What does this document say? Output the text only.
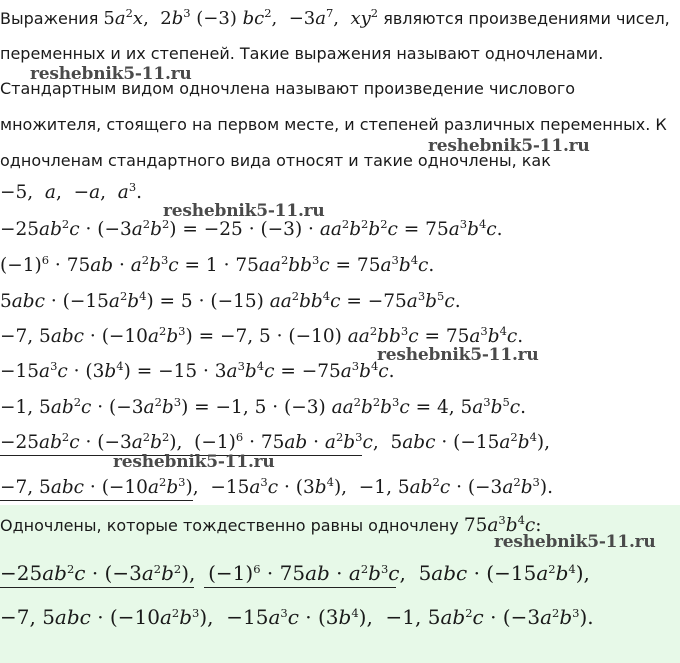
Выражения $5a^2x$,  $2b^3$ (−3) $bc^2$,  $-3a^7$,  $xy^2$ являются произведениями чисел,
переменных и их степеней. Такие выражения называют одночленами.
Стандартным видом одночлена называют произведение числового
множителя, стоящего на первом месте, и степеней различных переменных. К
одночленам стандартного вида относят и такие одночлены, как
−5,  a,  −a,  $a^3$.
$-25ab^2c \cdot (-3a^2b^2) = -25 \cdot (-3) \cdot aa^2b^2b^2c = 75a^3b^4c$.
$(-1)^6 \cdot 75ab \cdot a^2b^3c = 1 \cdot 75aa^2bb^3c = 75a^3b^4c$.
$5abc \cdot (-15a^2b^4) = 5 \cdot (-15) aa^2bb^4c = -75a^3b^5c$.
−7, $5abc \cdot (-10a^2b^3) = -7$, 5 · (−10) $aa^2bb^3c = 75a^3b^4c$.
$-15a^3c \cdot (3b^4) = -15 \cdot 3a^3b^4c = -75a^3b^4c$.
−1, $5ab^2c \cdot (-3a^2b^3) = -1$, 5 · (−3) $aa^2b^2b^3c = 4$, $5a^3b^5c$.
$-25ab^2c \cdot (-3a^2b^2)$,  $(-1)^6 \cdot 75ab \cdot a^2b^3c$,  $5abc \cdot (-15a^2b^4)$,
−7, $5abc \cdot (-10a^2b^3)$,  $-15a^3c \cdot (3b^4)$,  −1, $5ab^2c \cdot (-3a^2b^3)$.
Одночлены, которые тождественно равны одночлену $75a^3b^4c$:
$-25ab^2c \cdot (-3a^2b^2)$,  $(-1)^6 \cdot 75ab \cdot a^2b^3c$,  $5abc \cdot (-15a^2b^4)$,
−7, $5abc \cdot (-10a^2b^3)$,  $-15a^3c \cdot (3b^4)$,  −1, $5ab^2c \cdot (-3a^2b^3)$.
reshebnik5-11.ru
reshebnik5-11.ru
reshebnik5-11.ru
reshebnik5-11.ru
reshebnik5-11.ru
reshebnik5-11.ru
